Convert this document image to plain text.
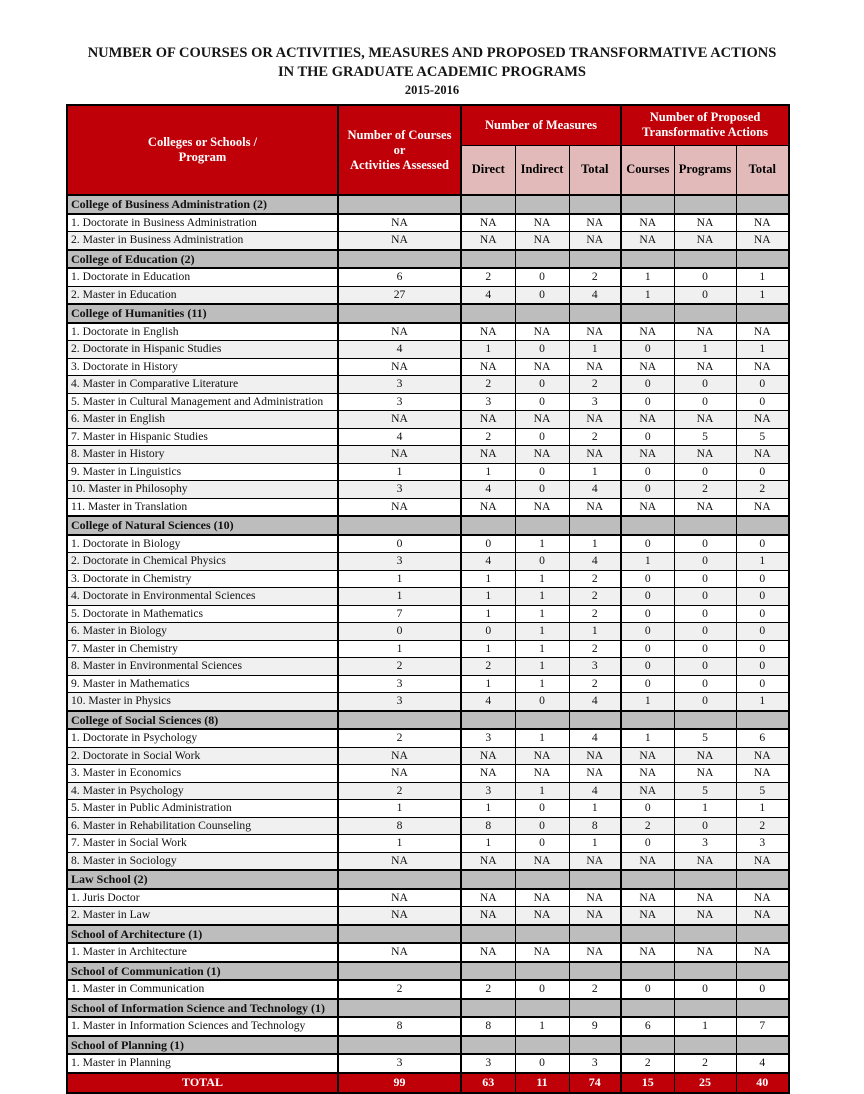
NUMBER OF COURSES OR ACTIVITIES, MEASURES AND PROPOSED TRANSFORMATIVE ACTIONS
IN THE GRADUATE ACADEMIC PROGRAMS
2015-2016
Colleges or Schools /
Program

Number of Courses or
Activities Assessed
	Number of Measures	Number of Proposed Transformative Actions
		Direct	Indirect	Total	Courses	Programs	Total
College of Business Administration (2)							
1. Doctorate in Business Administration	NA	NA	NA	NA	NA	NA	NA
2. Master in Business Administration	NA	NA	NA	NA	NA	NA	NA
College of Education (2)							
1. Doctorate in Education	6	2	0	2	1	0	1
2. Master in Education	27	4	0	4	1	0	1
College of Humanities (11)							
1. Doctorate in English	NA	NA	NA	NA	NA	NA	NA
2. Doctorate in Hispanic Studies	4	1	0	1	0	1	1
3. Doctorate in History	NA	NA	NA	NA	NA	NA	NA
4. Master in Comparative Literature	3	2	0	2	0	0	0
5. Master in Cultural Management and Administration	3	3	0	3	0	0	0
6. Master in English	NA	NA	NA	NA	NA	NA	NA
7. Master in Hispanic Studies	4	2	0	2	0	5	5
8. Master in History	NA	NA	NA	NA	NA	NA	NA
9. Master in Linguistics	1	1	0	1	0	0	0
10. Master in Philosophy	3	4	0	4	0	2	2
11. Master in Translation	NA	NA	NA	NA	NA	NA	NA
College of Natural Sciences (10)							
1. Doctorate in Biology	0	0	1	1	0	0	0
2. Doctorate in Chemical Physics	3	4	0	4	1	0	1
3. Doctorate in Chemistry	1	1	1	2	0	0	0
4. Doctorate in Environmental Sciences	1	1	1	2	0	0	0
5. Doctorate in Mathematics	7	1	1	2	0	0	0
6. Master in Biology	0	0	1	1	0	0	0
7. Master in Chemistry	1	1	1	2	0	0	0
8. Master in Environmental Sciences	2	2	1	3	0	0	0
9. Master in Mathematics	3	1	1	2	0	0	0
10. Master in Physics	3	4	0	4	1	0	1
College of Social Sciences (8)							
1. Doctorate in Psychology	2	3	1	4	1	5	6
2. Doctorate in Social Work	NA	NA	NA	NA	NA	NA	NA
3. Master in Economics	NA	NA	NA	NA	NA	NA	NA
4. Master in Psychology	2	3	1	4	NA	5	5
5. Master in Public Administration	1	1	0	1	0	1	1
6. Master in Rehabilitation Counseling	8	8	0	8	2	0	2
7. Master in Social Work	1	1	0	1	0	3	3
8. Master in Sociology	NA	NA	NA	NA	NA	NA	NA
Law School (2)							
1. Juris Doctor	NA	NA	NA	NA	NA	NA	NA
2. Master in Law	NA	NA	NA	NA	NA	NA	NA
School of Architecture (1)							
1. Master in Architecture	NA	NA	NA	NA	NA	NA	NA
School of Communication (1)							
1. Master in Communication	2	2	0	2	0	0	0
School of Information Science and Technology (1)							
1. Master in Information Sciences and Technology	8	8	1	9	6	1	7
School of Planning (1)							
1. Master in Planning	3	3	0	3	2	2	4
TOTAL	99	63	11	74	15	25	40
